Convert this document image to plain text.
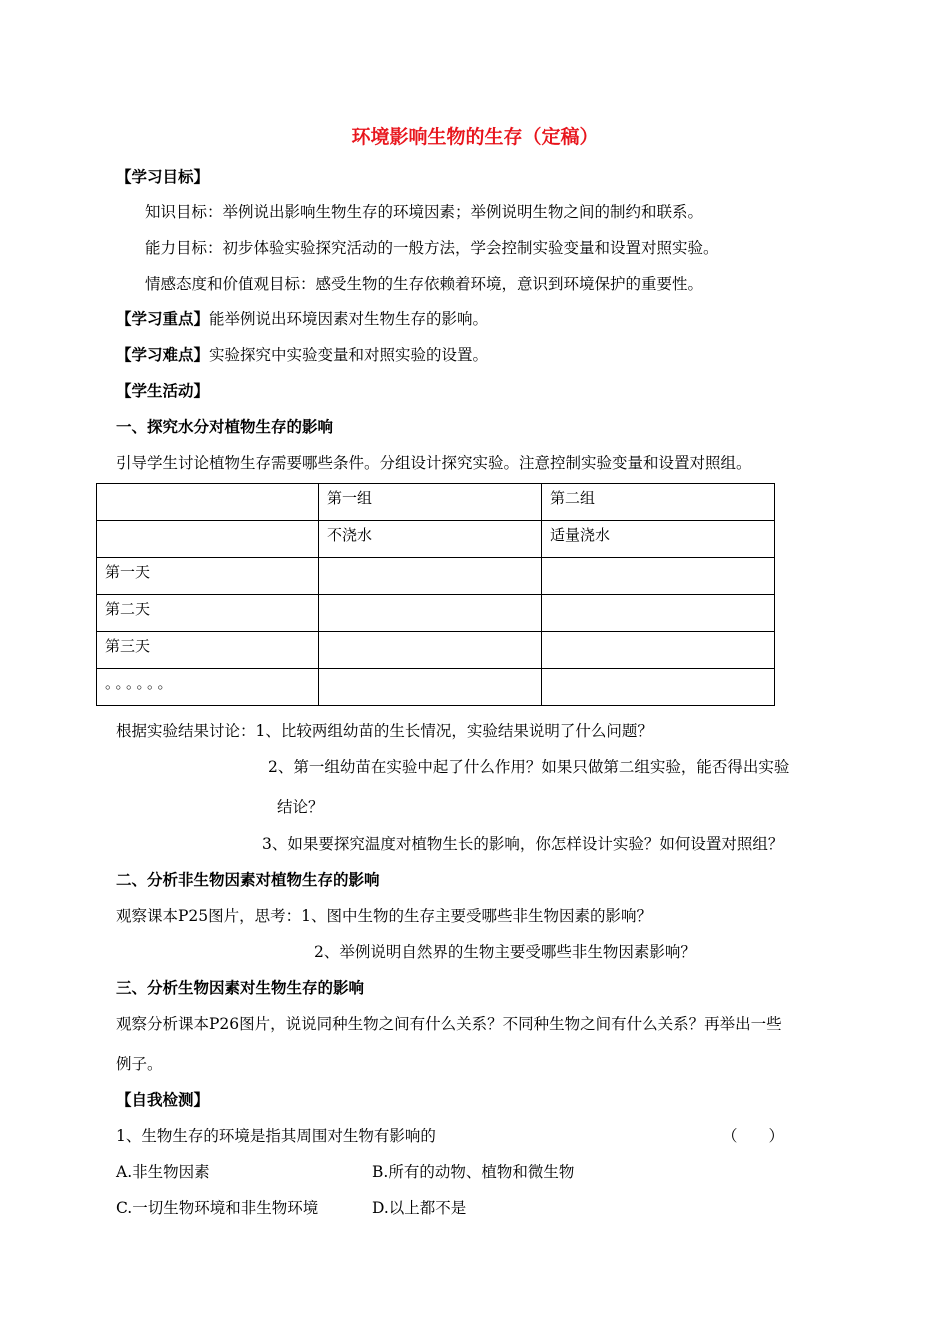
环境影响生物的生存（定稿）
【学习目标】
知识目标：举例说出影响生物生存的环境因素；举例说明生物之间的制约和联系。
能力目标：初步体验实验探究活动的一般方法，学会控制实验变量和设置对照实验。
情感态度和价值观目标：感受生物的生存依赖着环境，意识到环境保护的重要性。
【学习重点】能举例说出环境因素对生物生存的影响。
【学习难点】实验探究中实验变量和对照实验的设置。
【学生活动】
一、探究水分对植物生存的影响
引导学生讨论植物生存需要哪些条件。分组设计探究实验。注意控制实验变量和设置对照组。
	第一组	第二组
	不浇水	适量浇水
第一天		
第二天		
第三天		
。。。。。。		
根据实验结果讨论：1、比较两组幼苗的生长情况，实验结果说明了什么问题？
2、第一组幼苗在实验中起了什么作用？如果只做第二组实验，能否得出实验
结论？
3、如果要探究温度对植物生长的影响，你怎样设计实验？如何设置对照组？
二、分析非生物因素对植物生存的影响
观察课本P25图片，思考：1、图中生物的生存主要受哪些非生物因素的影响？
2、举例说明自然界的生物主要受哪些非生物因素影响？
三、分析生物因素对生物生存的影响
观察分析课本P26图片，说说同种生物之间有什么关系？不同种生物之间有什么关系？再举出一些
例子。
【自我检测】
1、生物生存的环境是指其周围对生物有影响的	（　　）
A.非生物因素	B.所有的动物、植物和微生物
C.一切生物环境和非生物环境	D.以上都不是
